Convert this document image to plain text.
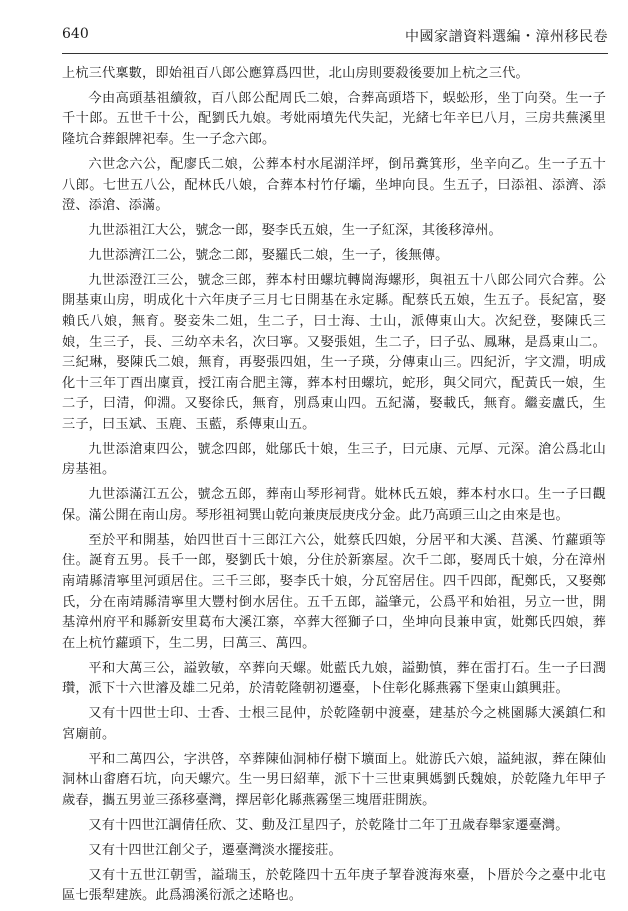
640	中國家譜資料選編・漳州移民卷

上杭三代稟數，即始祖百八郎公應算爲四世，北山房則要殺後要加上杭之三代。

今由高頭基祖續敘，百八郎公配周氏二娘，合葬高頭塔下，蜈蚣形，坐丁向癸。生一子千十郎。五世千十公，配劉氏九娘。考妣兩墳先代失記，光緒七年辛巳八月，三房共蕪溪里隆坑合葬銀牌祀奉。生一子念六郎。

六世念六公，配廖氏二娘，公葬本村水尾湖洋坪，倒吊糞箕形，坐辛向乙。生一子五十八郎。七世五八公，配林氏八娘，合葬本村竹仔壩，坐坤向艮。生五子，曰添祖、添濟、添澄、添滄、添滿。

九世添祖江大公，號念一郎，娶李氏五娘，生一子紅深，其後移漳州。

九世添濟江二公，號念二郎，娶羅氏二娘，生一子，後無傳。

九世添澄江三公，號念三郎，葬本村田螺坑轉崗海螺形，與祖五十八郎公同穴合葬。公開基東山房，明成化十六年庚子三月七日開基在永定縣。配蔡氏五娘，生五子。長紀富，娶賴氏八娘，無育。娶妾朱二姐，生二子，曰士海、士山，派傳東山大。次紀登，娶陳氏三娘，生三子，長、三幼卒未名，次曰寧。又娶張姐，生二子，曰子弘、鳳琳，是爲東山二。三紀琳，娶陳氏二娘，無育，再娶張四姐，生一子瑛，分傳東山三。四紀沂，字文淵，明成化十三年丁酉出廩貢，授江南合肥主簿，葬本村田螺坑，蛇形，與父同穴，配黃氏一娘，生二子，曰清，仰淵。又娶徐氏，無育，別爲東山四。五紀滿，娶載氏，無育。繼妾盧氏，生三子，曰玉斌、玉鹿、玉藍，系傳東山五。

九世添滄東四公，號念四郎，妣鄔氏十娘，生三子，曰元康、元厚、元深。滄公爲北山房基祖。

九世添滿江五公，號念五郎，葬南山琴形祠背。妣林氏五娘，葬本村水口。生一子曰觀保。滿公開在南山房。琴形祖祠巽山乾向兼庚辰庚戌分金。此乃高頭三山之由來是也。

至於平和開基，始四世百十三郎江六公，妣蔡氏四娘，分居平和大溪、莒溪、竹蘿頭等住。誕育五男。長千一郎，娶劉氏十娘，分住於新寨屋。次千二郎，娶周氏十娘，分在漳州南靖縣清寧里河頭居住。三千三郎，娶李氏十娘，分瓦窑居住。四千四郎，配鄭氏，又娶鄭氏，分在南靖縣清寧里大豐村倒水居住。五千五郎，謚肇元，公爲平和始祖，另立一世，開基漳州府平和縣新安里葛布大溪江寨，卒葬大徑獅子口，坐坤向艮兼申寅，妣鄭氏四娘，葬在上杭竹蘿頭下，生二男，曰萬三、萬四。

平和大萬三公，謚敦敏，卒葬向天螺。妣藍氏九娘，謚勤慎，葬在雷打石。生一子曰潤瓚，派下十六世濬及雄二兄弟，於清乾隆朝初遷臺，卜住彰化縣燕霧下堡東山鎮興莊。

又有十四世士印、士香、士根三昆仲，於乾隆朝中渡臺，建基於今之桃園縣大溪鎮仁和宮廟前。

平和二萬四公，字洪啓，卒葬陳仙洞柿仔樹下壙面上。妣游氏六娘，謚純淑，葬在陳仙洞林山畬磨石坑，向天螺穴。生一男曰紹華，派下十三世東興媽劉氏魏娘，於乾隆九年甲子歲春，攜五男並三孫移臺灣，擇居彰化縣燕霧堡三塊厝莊開族。

又有十四世江調倩任欣、艾、動及江星四子，於乾隆廿二年丁丑歲春舉家遷臺灣。

又有十四世江創父子，遷臺灣淡水擺接莊。

又有十五世江朝雪，謚瑞玉，於乾隆四十五年庚子挈眷渡海來臺，卜厝於今之臺中北屯區七張犁建族。此爲鴻溪衍派之述略也。
